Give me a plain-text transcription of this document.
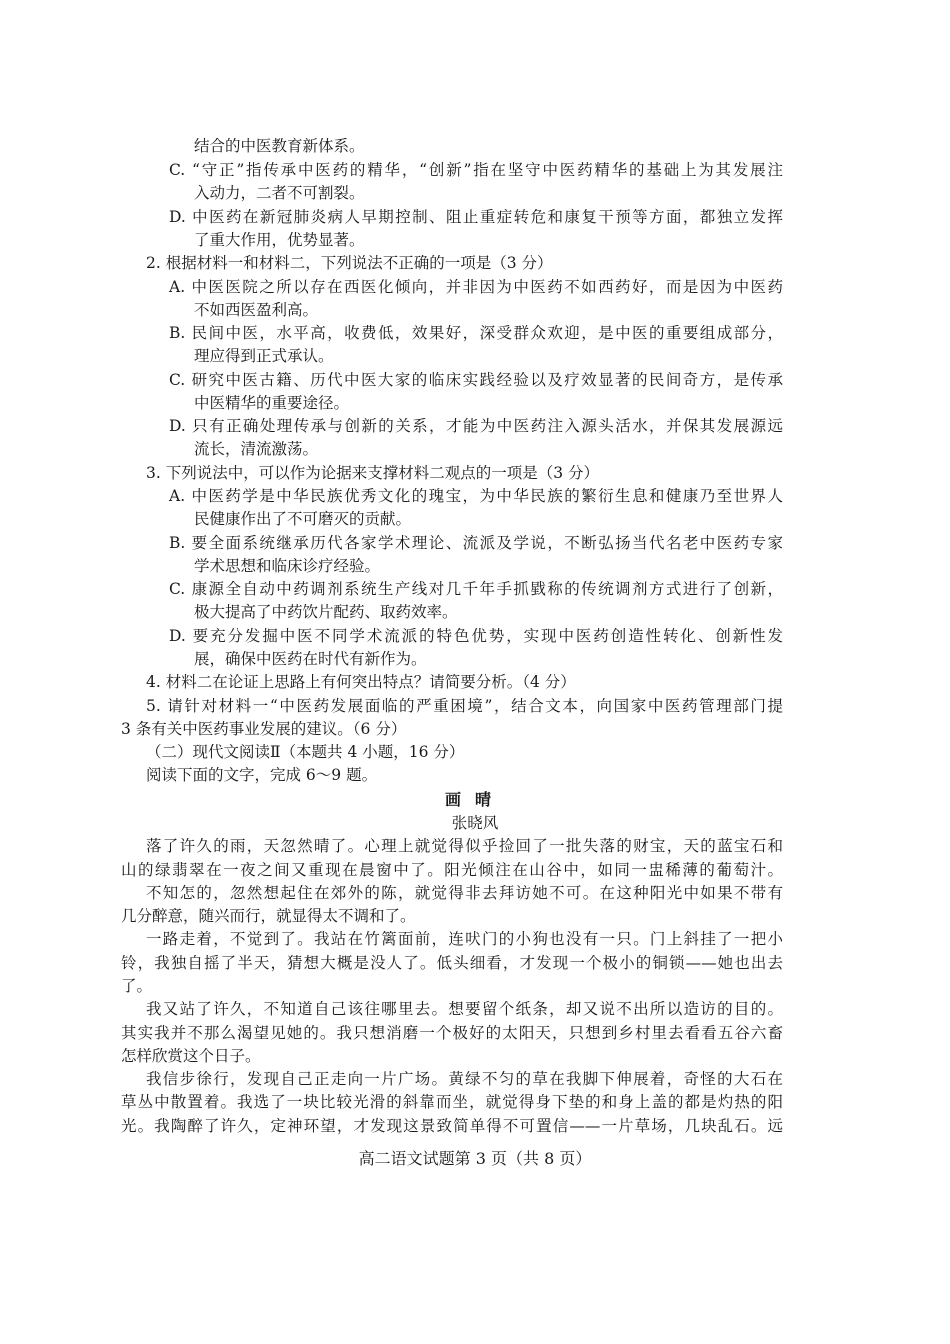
结合的中医教育新体系。
C. “守正”指传承中医药的精华，“创新”指在坚守中医药精华的基础上为其发展注
入动力，二者不可割裂。
D. 中医药在新冠肺炎病人早期控制、阻止重症转危和康复干预等方面，都独立发挥
了重大作用，优势显著。
2. 根据材料一和材料二，下列说法不正确的一项是（3 分）
A. 中医医院之所以存在西医化倾向，并非因为中医药不如西药好，而是因为中医药
不如西医盈利高。
B. 民间中医，水平高，收费低，效果好，深受群众欢迎，是中医的重要组成部分，
理应得到正式承认。
C. 研究中医古籍、历代中医大家的临床实践经验以及疗效显著的民间奇方，是传承
中医精华的重要途径。
D. 只有正确处理传承与创新的关系，才能为中医药注入源头活水，并保其发展源远
流长，清流激荡。
3. 下列说法中，可以作为论据来支撑材料二观点的一项是（3 分）
A. 中医药学是中华民族优秀文化的瑰宝，为中华民族的繁衍生息和健康乃至世界人
民健康作出了不可磨灭的贡献。
B. 要全面系统继承历代各家学术理论、流派及学说，不断弘扬当代名老中医药专家
学术思想和临床诊疗经验。
C. 康源全自动中药调剂系统生产线对几千年手抓戥称的传统调剂方式进行了创新，
极大提高了中药饮片配药、取药效率。
D. 要充分发掘中医不同学术流派的特色优势，实现中医药创造性转化、创新性发
展，确保中医药在时代有新作为。
4. 材料二在论证上思路上有何突出特点？请简要分析。（4 分）
5. 请针对材料一“中医药发展面临的严重困境”，结合文本，向国家中医药管理部门提
3 条有关中医药事业发展的建议。（6 分）
（二）现代文阅读Ⅱ（本题共 4 小题，16 分）
阅读下面的文字，完成 6～9 题。
画晴
张晓风
落了许久的雨，天忽然晴了。心理上就觉得似乎捡回了一批失落的财宝，天的蓝宝石和
山的绿翡翠在一夜之间又重现在晨窗中了。阳光倾注在山谷中，如同一盅稀薄的葡萄汁。
不知怎的，忽然想起住在郊外的陈，就觉得非去拜访她不可。在这种阳光中如果不带有
几分醉意，随兴而行，就显得太不调和了。
一路走着，不觉到了。我站在竹篱面前，连吠门的小狗也没有一只。门上斜挂了一把小
铃，我独自摇了半天，猜想大概是没人了。低头细看，才发现一个极小的铜锁——她也出去
了。
我又站了许久，不知道自己该往哪里去。想要留个纸条，却又说不出所以造访的目的。
其实我并不那么渴望见她的。我只想消磨一个极好的太阳天，只想到乡村里去看看五谷六畜
怎样欣赏这个日子。
我信步徐行，发现自己正走向一片广场。黄绿不匀的草在我脚下伸展着，奇怪的大石在
草丛中散置着。我选了一块比较光滑的斜靠而坐，就觉得身下垫的和身上盖的都是灼热的阳
光。我陶醉了许久，定神环望，才发现这景致简单得不可置信——一片草场，几块乱石。远
高二语文试题第 3 页（共 8 页）
